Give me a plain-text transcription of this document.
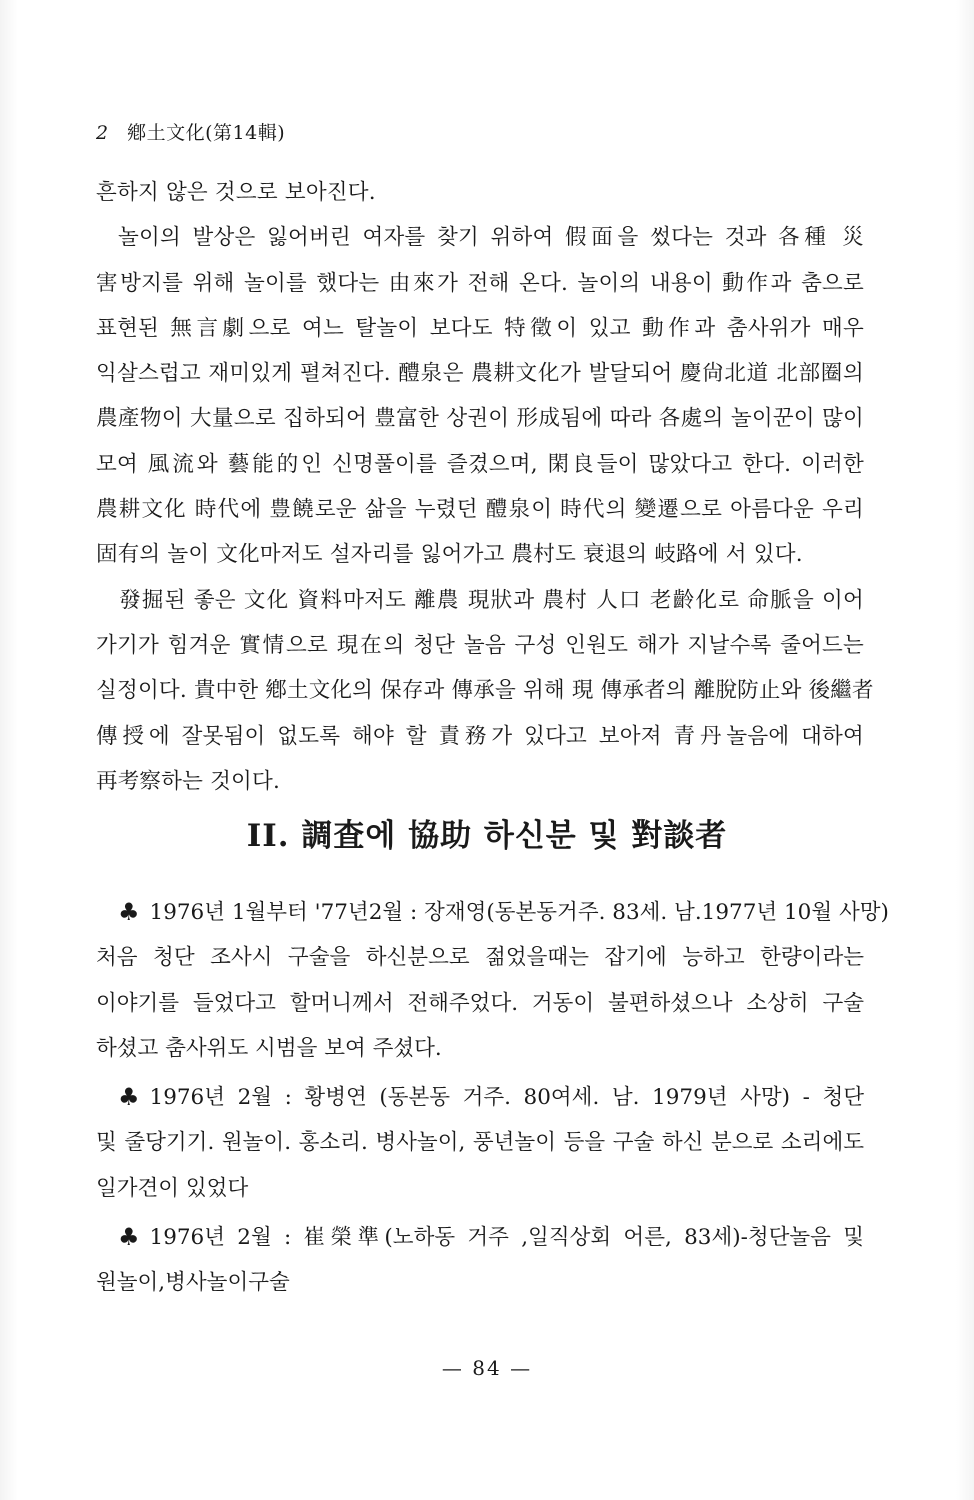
2 鄕土文化(第14輯)
흔하지 않은 것으로 보아진다.
놀이의 발상은 잃어버린 여자를 찾기 위하여 假面을 썼다는 것과 各種 災
害방지를 위해 놀이를 했다는 由來가 전해 온다. 놀이의 내용이 動作과 춤으로
표현된 無言劇으로 여느 탈놀이 보다도 特徵이 있고 動作과 춤사위가 매우
익살스럽고 재미있게 펼쳐진다. 醴泉은 農耕文化가 발달되어 慶尙北道 北部圈의
農產物이 大量으로 집하되어 豊富한 상권이 形成됨에 따라 各處의 놀이꾼이 많이
모여 風流와 藝能的인 신명풀이를 즐겼으며, 閑良들이 많았다고 한다. 이러한
農耕文化 時代에 豊饒로운 삶을 누렸던 醴泉이 時代의 變遷으로 아름다운 우리
固有의 놀이 文化마저도 설자리를 잃어가고 農村도 衰退의 岐路에 서 있다.
發掘된 좋은 文化 資料마저도 離農 現狀과 農村 人口 老齡化로 命脈을 이어
가기가 힘겨운 實情으로 現在의 청단 놀음 구성 인원도 해가 지날수록 줄어드는
실정이다. 貴中한 鄕土文化의 保存과 傳承을 위해 現 傳承者의 離脫防止와 後繼者
傳授에 잘못됨이 없도록 해야 할 責務가 있다고 보아져 青丹놀음에 대하여
再考察하는 것이다.
II. 調査에 協助 하신분 및 對談者
♣ 1976년 1월부터 '77년2월 : 장재영(동본동거주. 83세. 남.1977년 10월 사망)
처음 청단 조사시 구술을 하신분으로 젊었을때는 잡기에 능하고 한량이라는
이야기를 들었다고 할머니께서 전해주었다. 거동이 불편하셨으나 소상히 구술
하셨고 춤사위도 시범을 보여 주셨다.
♣ 1976년 2월 : 황병연 (동본동 거주. 80여세. 남. 1979년 사망) - 청단
및 줄당기기. 원놀이. 홍소리. 병사놀이, 풍년놀이 등을 구술 하신 분으로 소리에도
일가견이 있었다
♣ 1976년 2월 : 崔榮準(노하동 거주 ,일직상회 어른, 83세)-청단놀음 및
원놀이,병사놀이구술
— 84 —
